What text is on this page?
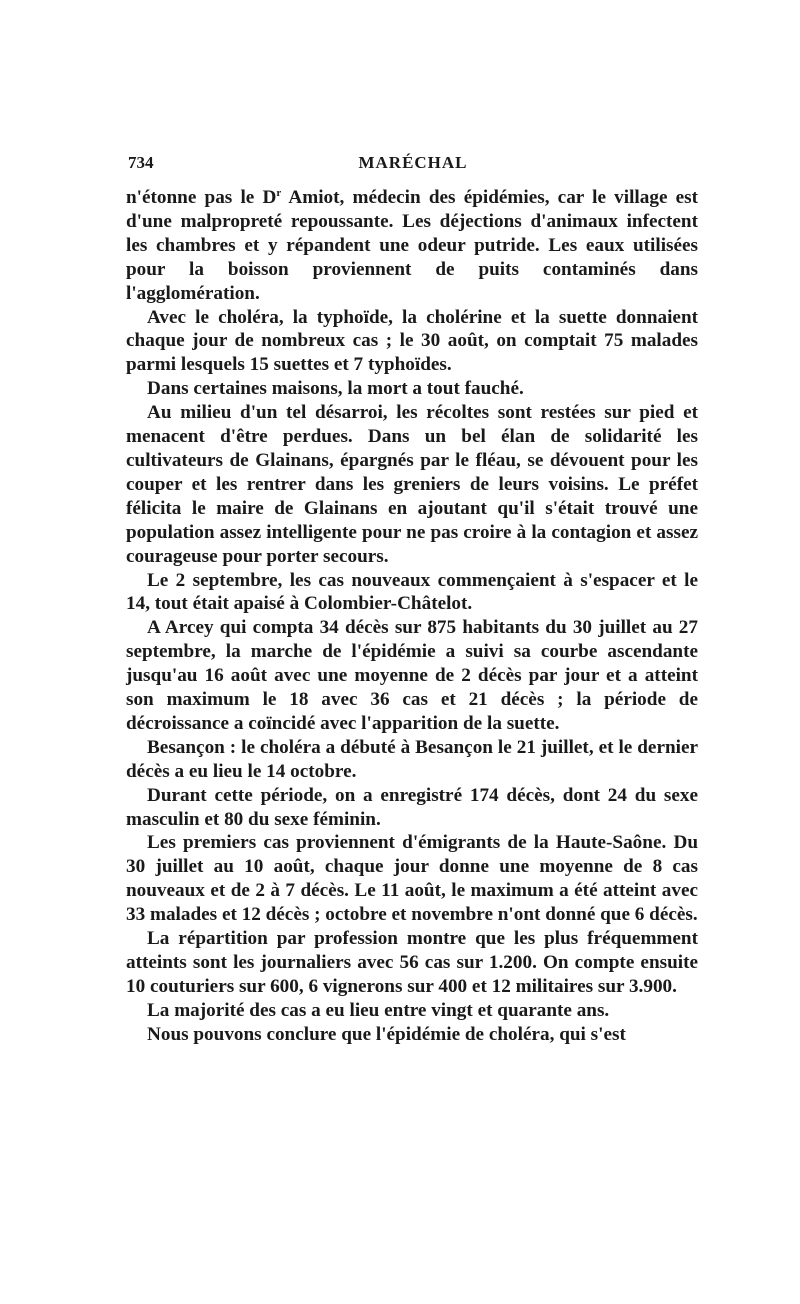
734	MARÉCHAL

n'étonne pas le $D^r$ Amiot, médecin des épidémies, car le village est d'une malpropreté repoussante. Les déjections d'animaux infectent les chambres et y répandent une odeur putride. Les eaux utilisées pour la boisson proviennent de puits contaminés dans l'agglomération.

Avec le choléra, la typhoïde, la cholérine et la suette donnaient chaque jour de nombreux cas ; le 30 août, on comptait 75 malades parmi lesquels 15 suettes et 7 typhoïdes.

Dans certaines maisons, la mort a tout fauché.

Au milieu d'un tel désarroi, les récoltes sont restées sur pied et menacent d'être perdues. Dans un bel élan de solidarité les cultivateurs de Glainans, épargnés par le fléau, se dévouent pour les couper et les rentrer dans les greniers de leurs voisins. Le préfet félicita le maire de Glainans en ajoutant qu'il s'était trouvé une population assez intelligente pour ne pas croire à la contagion et assez courageuse pour porter secours.

Le 2 septembre, les cas nouveaux commençaient à s'espacer et le 14, tout était apaisé à Colombier-Châtelot.

A Arcey qui compta 34 décès sur 875 habitants du 30 juillet au 27 septembre, la marche de l'épidémie a suivi sa courbe ascendante jusqu'au 16 août avec une moyenne de 2 décès par jour et a atteint son maximum le 18 avec 36 cas et 21 décès ; la période de décroissance a coïncidé avec l'apparition de la suette.

Besançon : le choléra a débuté à Besançon le 21 juillet, et le dernier décès a eu lieu le 14 octobre.

Durant cette période, on a enregistré 174 décès, dont 24 du sexe masculin et 80 du sexe féminin.

Les premiers cas proviennent d'émigrants de la Haute-Saône. Du 30 juillet au 10 août, chaque jour donne une moyenne de 8 cas nouveaux et de 2 à 7 décès. Le 11 août, le maximum a été atteint avec 33 malades et 12 décès ; octobre et novembre n'ont donné que 6 décès.

La répartition par profession montre que les plus fréquemment atteints sont les journaliers avec 56 cas sur 1.200. On compte ensuite 10 couturiers sur 600, 6 vignerons sur 400 et 12 militaires sur 3.900.

La majorité des cas a eu lieu entre vingt et quarante ans.

Nous pouvons conclure que l'épidémie de choléra, qui s'est
